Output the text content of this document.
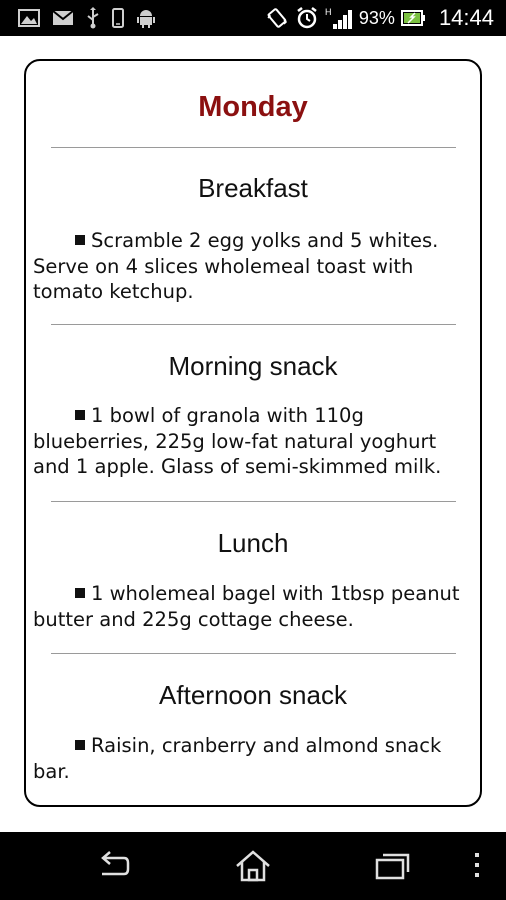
H 93% 14:44
Monday
Breakfast
Scramble 2 egg yolks and 5 whites. Serve on 4 slices wholemeal toast with tomato ketchup.
Morning snack
1 bowl of granola with 110g blueberries, 225g low-fat natural yoghurt and 1 apple. Glass of semi-skimmed milk.
Lunch
1 wholemeal bagel with 1tbsp peanut butter and 225g cottage cheese.
Afternoon snack
Raisin, cranberry and almond snack bar.
